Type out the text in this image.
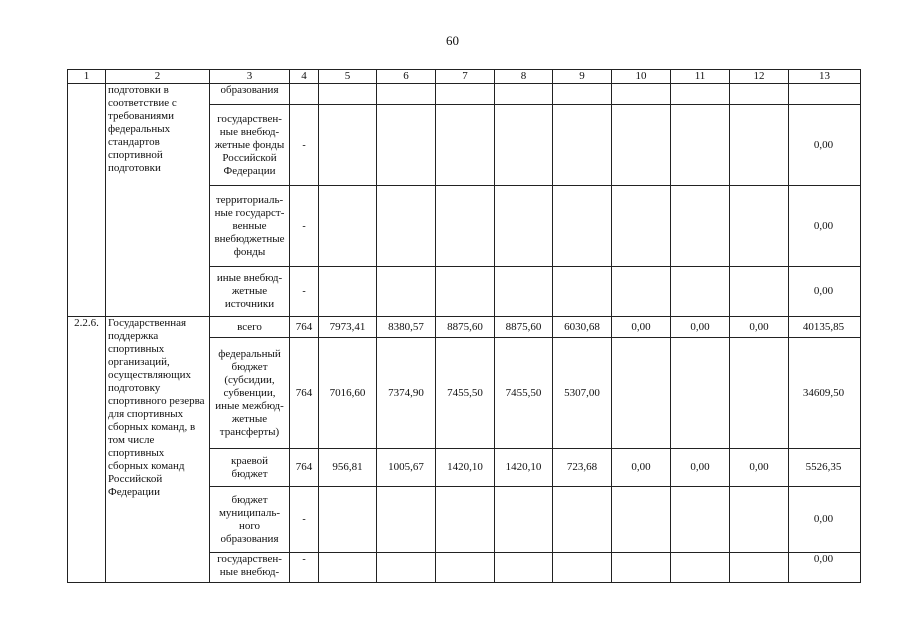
60
1	2	3	4	5	6	7	8	9	10	11	12	13
	подготовки в соответствие с требованиями федеральных стандартов спортивной подготовки	образования										
		государствен-ные внебюд-жетные фонды Российской Федерации	-									0,00
		территориаль-ные государст-венные внебюджетные фонды	-									0,00
		иные внебюд-жетные источники	-									0,00
2.2.6.	Государственная поддержка спортивных организаций, осуществляющих подготовку спортивного резерва для спортивных сборных команд, в том числе спортивных сборных команд Российской Федерации	всего	764	7973,41	8380,57	8875,60	8875,60	6030,68	0,00	0,00	0,00	40135,85
		федеральный бюджет (субсидии, субвенции, иные межбюд-жетные трансферты)	764	7016,60	7374,90	7455,50	7455,50	5307,00				34609,50
		краевой бюджет	764	956,81	1005,67	1420,10	1420,10	723,68	0,00	0,00	0,00	5526,35
		бюджет муниципаль-ного образования	-									0,00
		государствен-ные внебюд-	-									0,00
